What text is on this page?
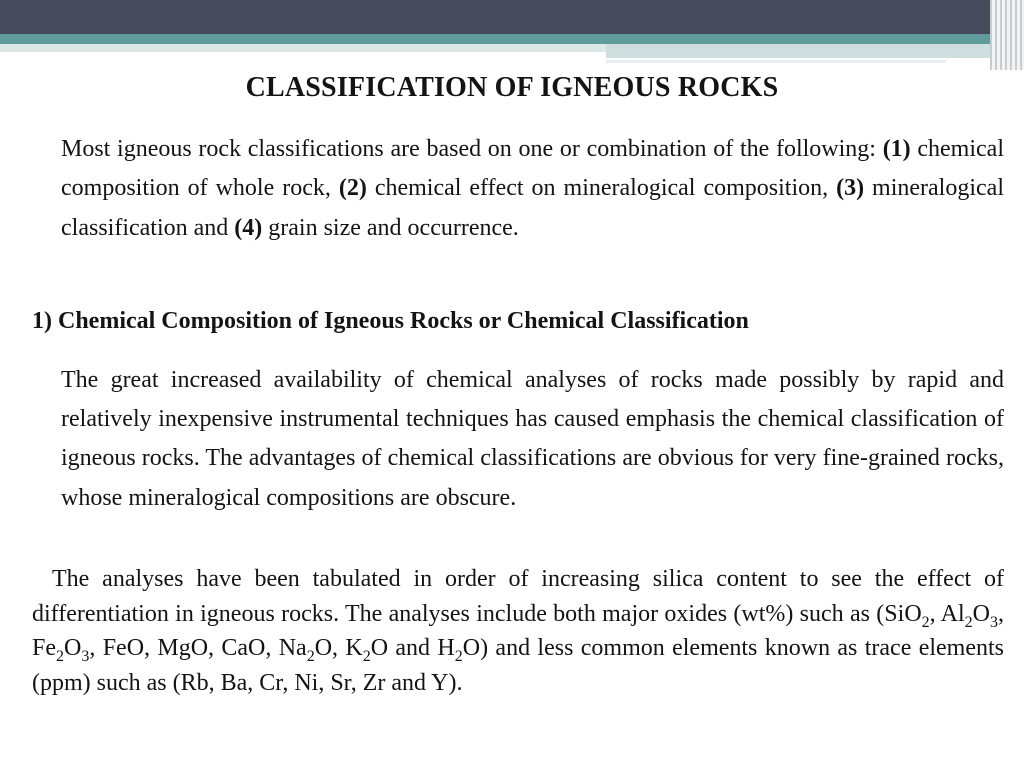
CLASSIFICATION OF IGNEOUS ROCKS
Most igneous rock classifications are based on one or combination of the following: (1) chemical composition of whole rock, (2) chemical effect on mineralogical composition, (3) mineralogical classification and (4) grain size and occurrence.
1) Chemical Composition of Igneous Rocks or Chemical Classification
The great increased availability of chemical analyses of rocks made possibly by rapid and relatively inexpensive instrumental techniques has caused emphasis the chemical classification of igneous rocks. The advantages of chemical classifications are obvious for very fine-grained rocks, whose mineralogical compositions are obscure.
The analyses have been tabulated in order of increasing silica content to see the effect of differentiation in igneous rocks. The analyses include both major oxides (wt%) such as (SiO$_2$, $Al_2O_3$, $Fe_2O_3$, FeO, MgO, CaO, $Na_2O$, $K_2O$ and $H_2O$) and less common elements known as trace elements (ppm) such as (Rb, Ba, Cr, Ni, Sr, Zr and Y).
